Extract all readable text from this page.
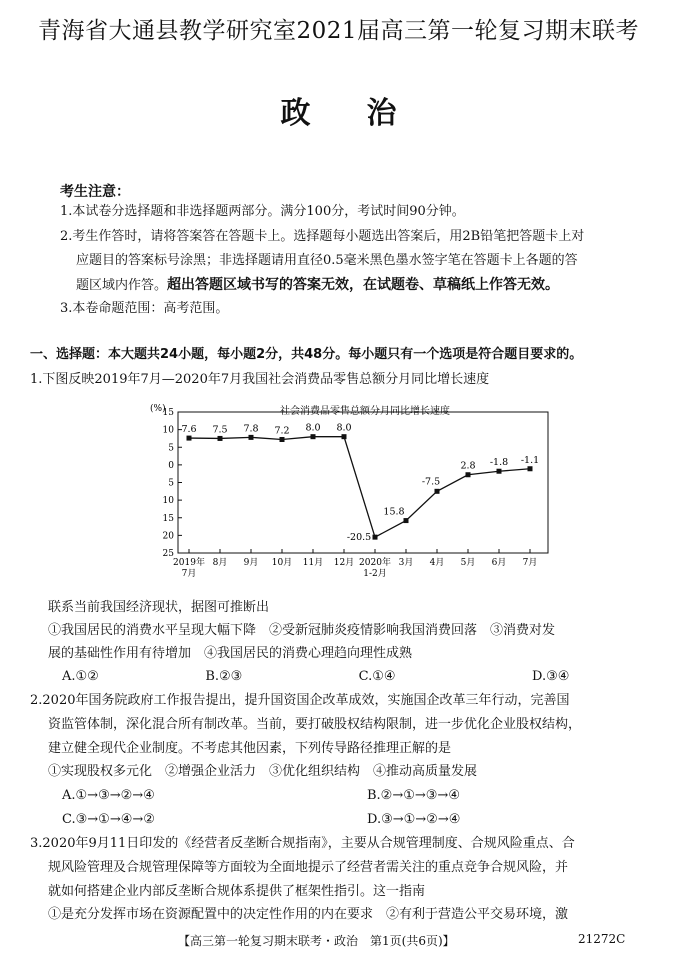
青海省大通县教学研究室2021届高三第一轮复习期末联考
政 治
考生注意：
1.本试卷分选择题和非选择题两部分。满分100分，考试时间90分钟。
2.考生作答时，请将答案答在答题卡上。选择题每小题选出答案后，用2B铅笔把答题卡上对
应题目的答案标号涂黑；非选择题请用直径0.5毫米黑色墨水签字笔在答题卡上各题的答
题区域内作答。超出答题区域书写的答案无效，在试题卷、草稿纸上作答无效。
3.本卷命题范围：高考范围。
一、选择题：本大题共24小题，每小题2分，共48分。每小题只有一个选项是符合题目要求的。
1.下图反映2019年7月—2020年7月我国社会消费品零售总额分月同比增长速度
社会消费品零售总额分月同比增长速度
(%)
15
10
5
0
5
10
15
20
25
2019年
7月
8月 9月 10月 11月 12月 2020年
1-2月
3月 4月 5月 6月 7月
7.6 7.5 7.8 7.2 8.0 8.0
-20.5
15.8
-7.5
2.8 -1.8 -1.1
联系当前我国经济现状，据图可推断出
①我国居民的消费水平呈现大幅下降　②受新冠肺炎疫情影响我国消费回落　③消费对发
展的基础性作用有待增加　④我国居民的消费心理趋向理性成熟
A.①②	B.②③	C.①④	D.③④
2.2020年国务院政府工作报告提出，提升国资国企改革成效，实施国企改革三年行动，完善国
资监管体制，深化混合所有制改革。当前，要打破股权结构限制，进一步优化企业股权结构，
建立健全现代企业制度。不考虑其他因素，下列传导路径推理正解的是
①实现股权多元化　②增强企业活力　③优化组织结构　④推动高质量发展
A.①→③→②→④	B.②→①→③→④
C.③→①→④→②	D.③→①→②→④
3.2020年9月11日印发的《经营者反垄断合规指南》，主要从合规管理制度、合规风险重点、合
规风险管理及合规管理保障等方面较为全面地提示了经营者需关注的重点竞争合规风险，并
就如何搭建企业内部反垄断合规体系提供了框架性指引。这一指南
①是充分发挥市场在资源配置中的决定性作用的内在要求　②有利于营造公平交易环境，激
【高三第一轮复习期末联考・政治　第1页(共6页)】	21272C
